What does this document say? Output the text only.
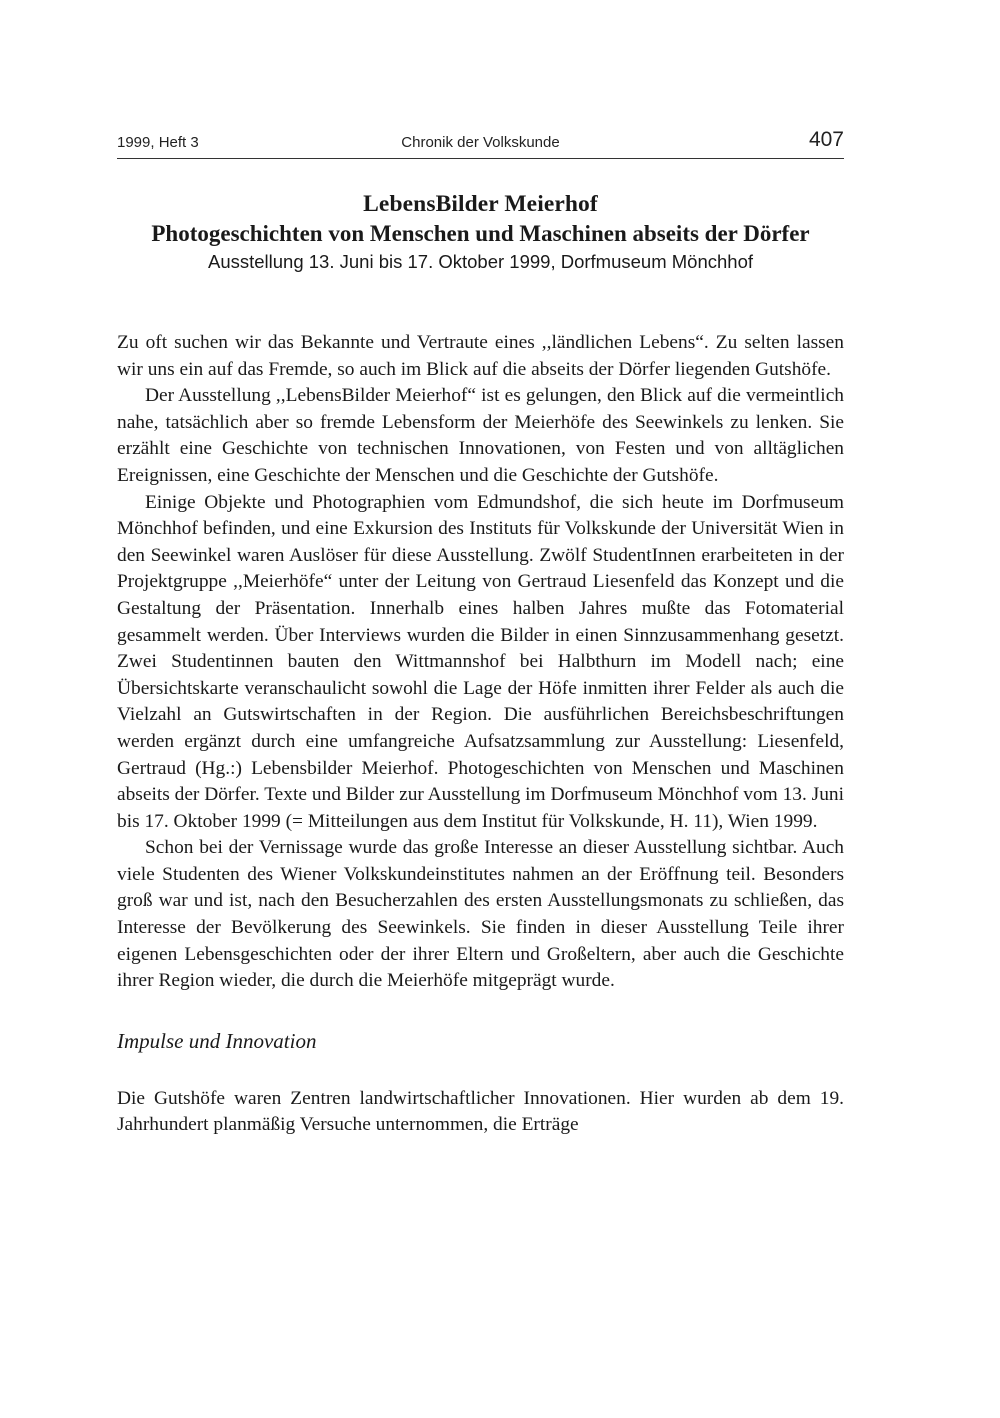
1999, Heft 3	Chronik der Volkskunde	407
LebensBilder Meierhof
Photogeschichten von Menschen und Maschinen abseits der Dörfer
Ausstellung 13. Juni bis 17. Oktober 1999, Dorfmuseum Mönchhof

Zu oft suchen wir das Bekannte und Vertraute eines ,,ländlichen Lebens“. Zu selten lassen wir uns ein auf das Fremde, so auch im Blick auf die abseits der Dörfer liegenden Gutshöfe.

Der Ausstellung ,,LebensBilder Meierhof“ ist es gelungen, den Blick auf die vermeintlich nahe, tatsächlich aber so fremde Lebensform der Meierhöfe des Seewinkels zu lenken. Sie erzählt eine Geschichte von technischen Innovationen, von Festen und von alltäglichen Ereignissen, eine Geschichte der Menschen und die Geschichte der Gutshöfe.

Einige Objekte und Photographien vom Edmundshof, die sich heute im Dorfmuseum Mönchhof befinden, und eine Exkursion des Instituts für Volkskunde der Universität Wien in den Seewinkel waren Auslöser für diese Ausstellung. Zwölf StudentInnen erarbeiteten in der Projektgruppe ,,Meierhöfe“ unter der Leitung von Gertraud Liesenfeld das Konzept und die Gestaltung der Präsentation. Innerhalb eines halben Jahres mußte das Fotomaterial gesammelt werden. Über Interviews wurden die Bilder in einen Sinnzusammenhang gesetzt. Zwei Studentinnen bauten den Wittmannshof bei Halbthurn im Modell nach; eine Übersichtskarte veranschaulicht sowohl die Lage der Höfe inmitten ihrer Felder als auch die Vielzahl an Gutswirtschaften in der Region. Die ausführlichen Bereichsbeschriftungen werden ergänzt durch eine umfangreiche Aufsatzsammlung zur Ausstellung: Liesenfeld, Gertraud (Hg.:) Lebensbilder Meierhof. Photogeschichten von Menschen und Maschinen abseits der Dörfer. Texte und Bilder zur Ausstellung im Dorfmuseum Mönchhof vom 13. Juni bis 17. Oktober 1999 (= Mitteilungen aus dem Institut für Volkskunde, H. 11), Wien 1999.

Schon bei der Vernissage wurde das große Interesse an dieser Ausstellung sichtbar. Auch viele Studenten des Wiener Volkskundeinstitutes nahmen an der Eröffnung teil. Besonders groß war und ist, nach den Besucherzahlen des ersten Ausstellungsmonats zu schließen, das Interesse der Bevölkerung des Seewinkels. Sie finden in dieser Ausstellung Teile ihrer eigenen Lebensgeschichten oder der ihrer Eltern und Großeltern, aber auch die Geschichte ihrer Region wieder, die durch die Meierhöfe mitgeprägt wurde.

Impulse und Innovation

Die Gutshöfe waren Zentren landwirtschaftlicher Innovationen. Hier wurden ab dem 19. Jahrhundert planmäßig Versuche unternommen, die Erträge
